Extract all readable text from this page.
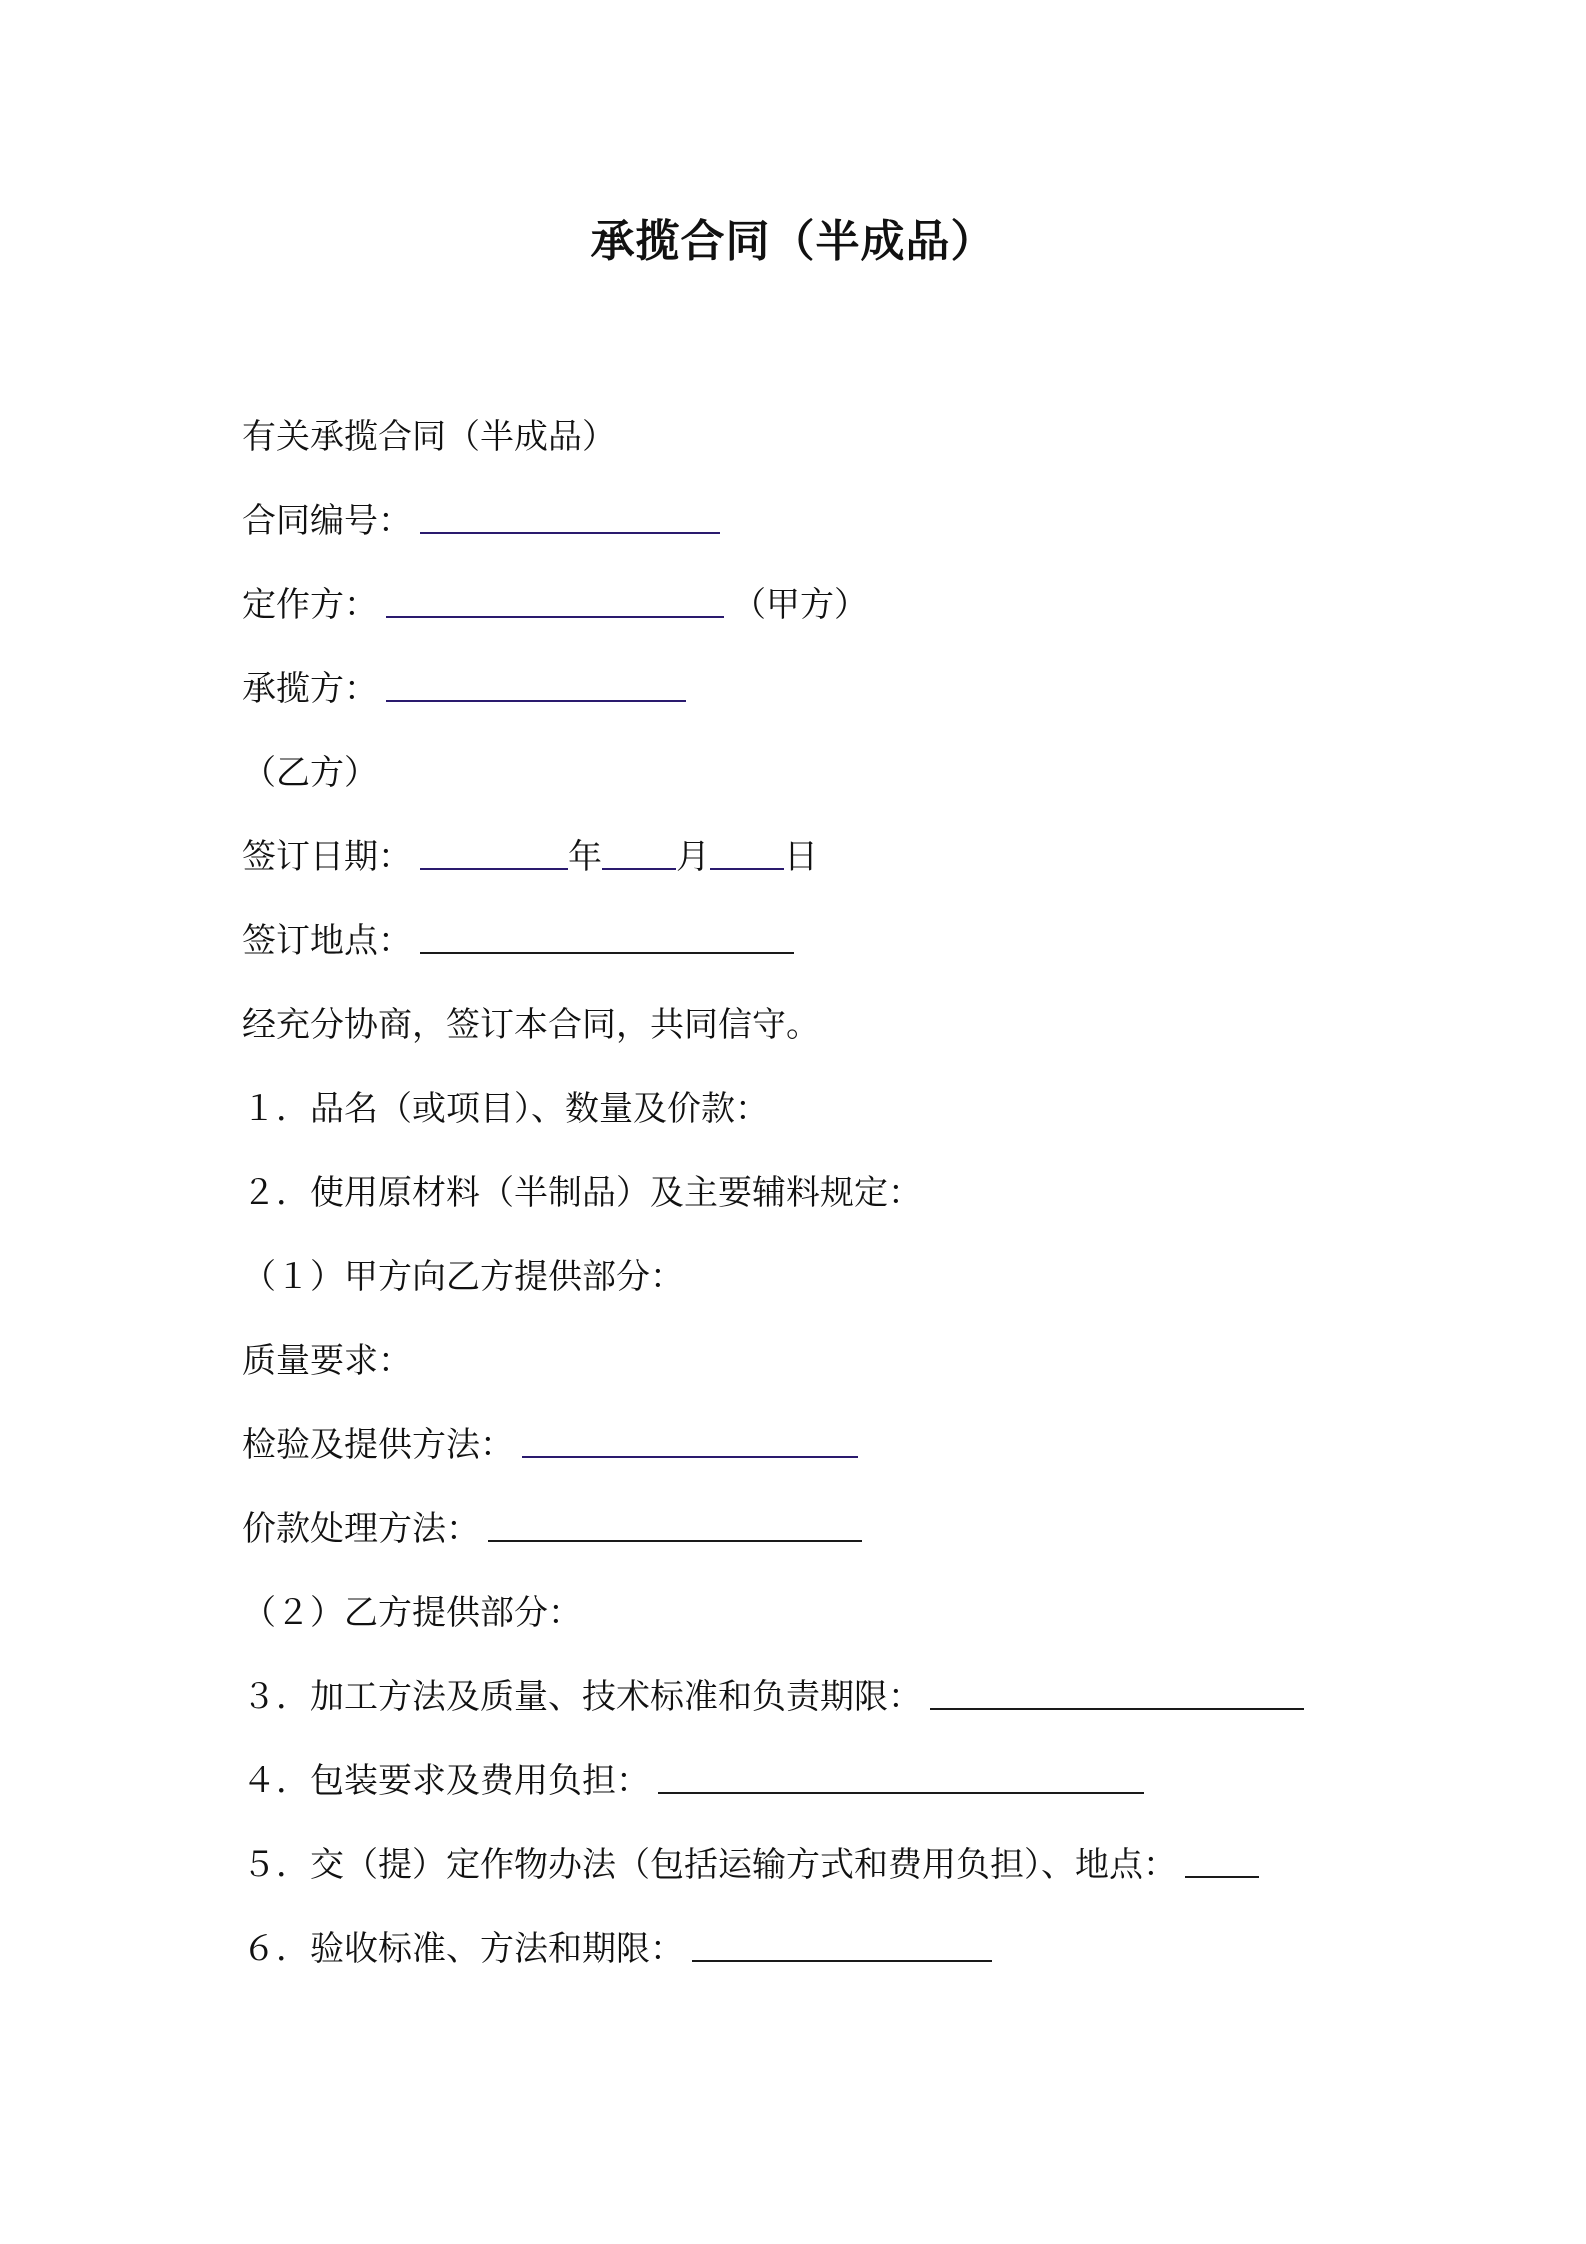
承揽合同（半成品）
有关承揽合同（半成品）
合同编号：
定作方：	（甲方）
承揽方：
（乙方）
签订日期：	年 月 日
签订地点：
经充分协商，签订本合同，共同信守。
１．品名（或项目）、数量及价款：
２．使用原材料（半制品）及主要辅料规定：
（１）甲方向乙方提供部分：
质量要求：
检验及提供方法：
价款处理方法：
（２）乙方提供部分：
３．加工方法及质量、技术标准和负责期限：
４．包装要求及费用负担：
５．交（提）定作物办法（包括运输方式和费用负担）、地点：
６．验收标准、方法和期限：
